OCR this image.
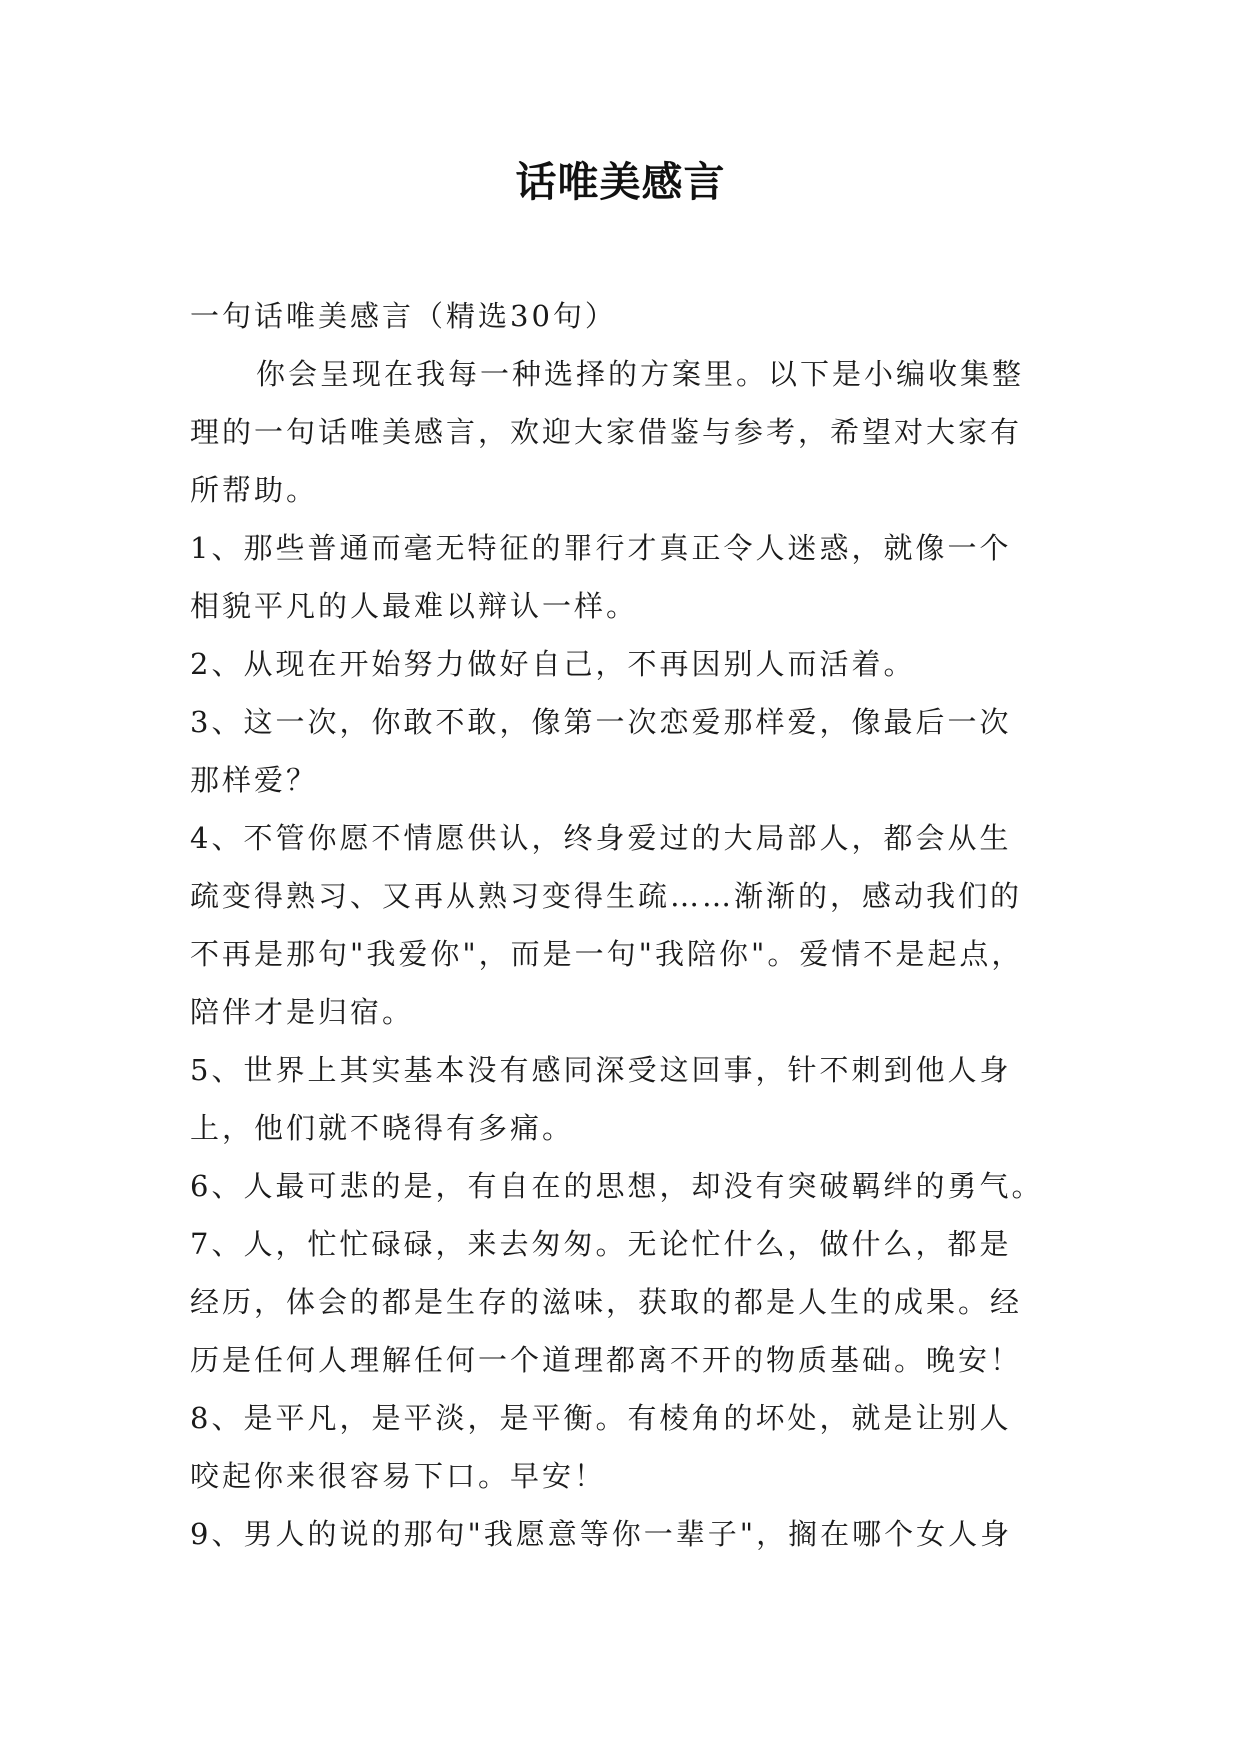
话唯美感言
一句话唯美感言（精选30句）
你会呈现在我每一种选择的方案里。以下是小编收集整
理的一句话唯美感言，欢迎大家借鉴与参考，希望对大家有
所帮助。
1、那些普通而毫无特征的罪行才真正令人迷惑，就像一个
相貌平凡的人最难以辩认一样。
2、从现在开始努力做好自己，不再因别人而活着。
3、这一次，你敢不敢，像第一次恋爱那样爱，像最后一次
那样爱？
4、不管你愿不情愿供认，终身爱过的大局部人，都会从生
疏变得熟习、又再从熟习变得生疏……渐渐的，感动我们的
不再是那句"我爱你"，而是一句"我陪你"。爱情不是起点，
陪伴才是归宿。
5、世界上其实基本没有感同深受这回事，针不刺到他人身
上，他们就不晓得有多痛。
6、人最可悲的是，有自在的思想，却没有突破羁绊的勇气。
7、人，忙忙碌碌，来去匆匆。无论忙什么，做什么，都是
经历，体会的都是生存的滋味，获取的都是人生的成果。经
历是任何人理解任何一个道理都离不开的物质基础。晚安！
8、是平凡，是平淡，是平衡。有棱角的坏处，就是让别人
咬起你来很容易下口。早安！
9、男人的说的那句"我愿意等你一辈子"，搁在哪个女人身
